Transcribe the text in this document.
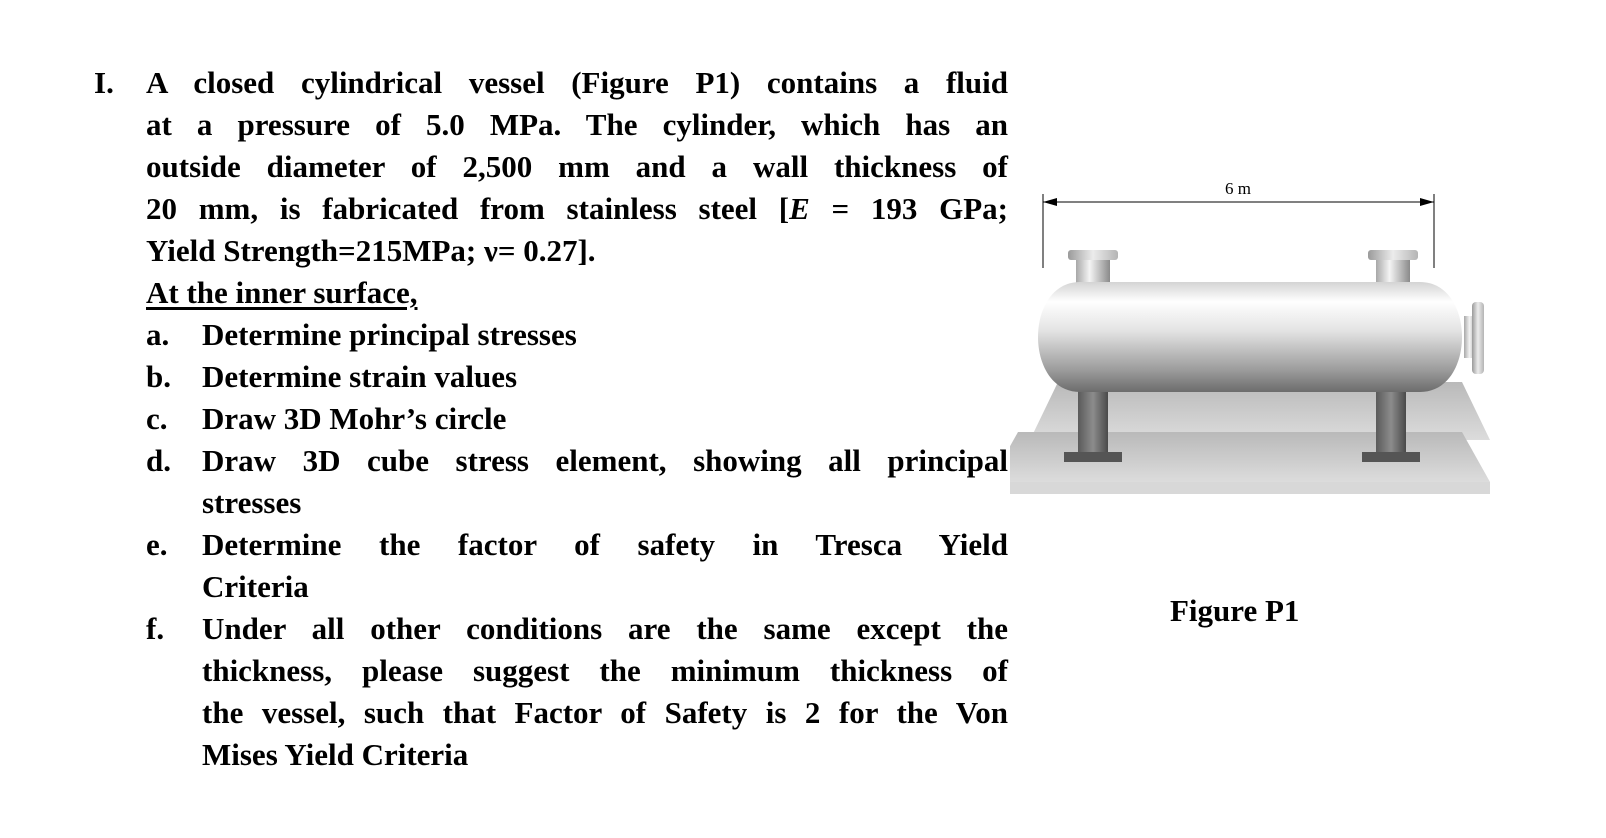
I. A closed cylindrical vessel (Figure P1) contains a fluid
at a pressure of 5.0 MPa. The cylinder, which has an
outside diameter of 2,500 mm and a wall thickness of
20 mm, is fabricated from stainless steel [E = 193 GPa;
Yield Strength=215MPa; ν= 0.27].
At the inner surface,
a. Determine principal stresses
b. Determine strain values
c. Draw 3D Mohr’s circle
d. Draw 3D cube stress element, showing all principal
stresses
e. Determine the factor of safety in Tresca Yield
Criteria
f. Under all other conditions are the same except the
thickness, please suggest the minimum thickness of
the vessel, such that Factor of Safety is 2 for the Von
Mises Yield Criteria
6 m
Figure P1
